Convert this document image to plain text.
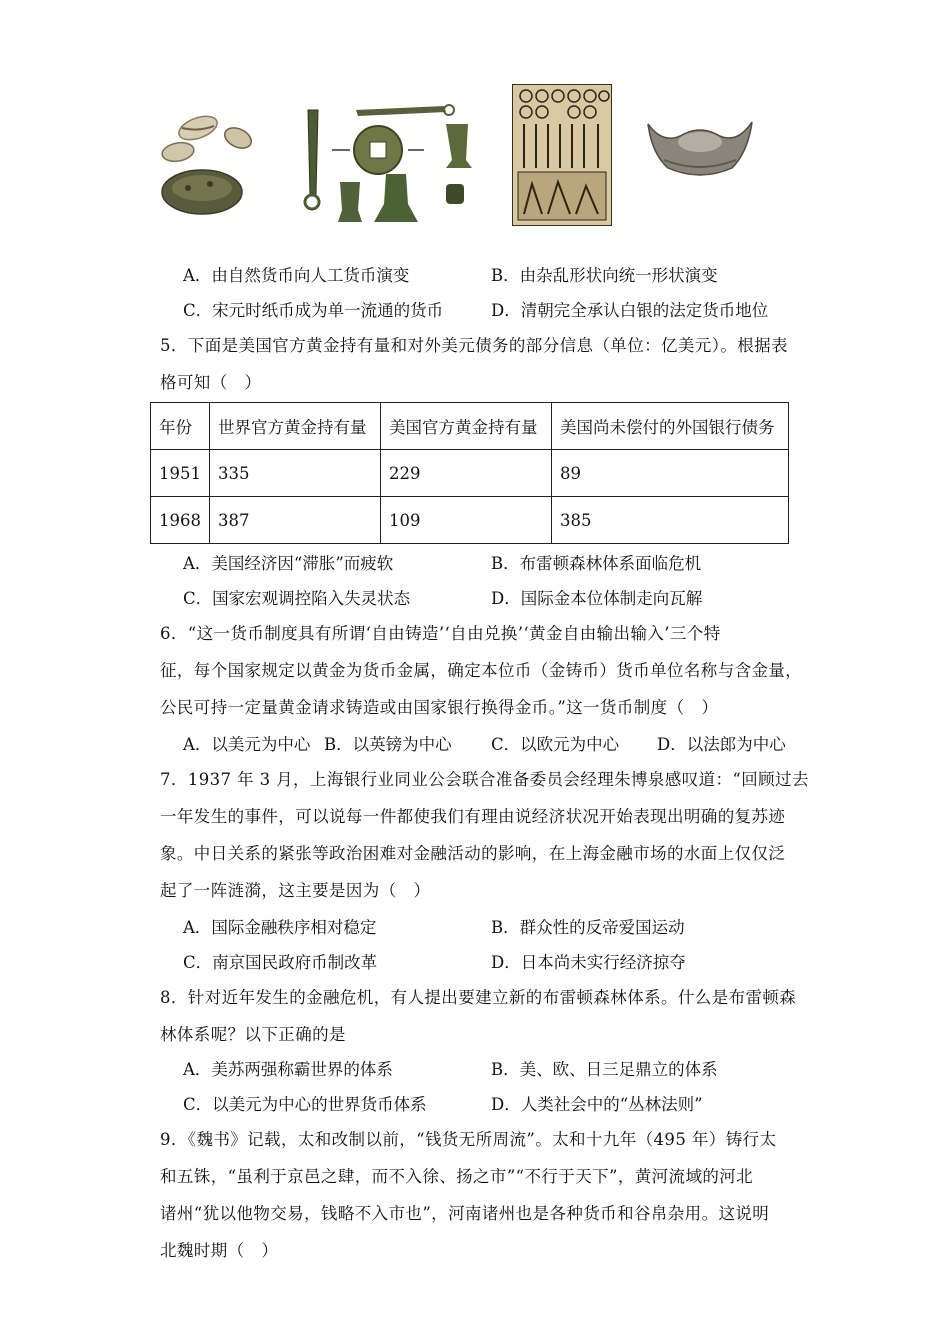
A．由自然货币向人工货币演变	B．由杂乱形状向统一形状演变
C．宋元时纸币成为单一流通的货币	D．清朝完全承认白银的法定货币地位
5．下面是美国官方黄金持有量和对外美元债务的部分信息（单位：亿美元）。根据表
格可知（　）
年份	世界官方黄金持有量	美国官方黄金持有量	美国尚未偿付的外国银行债务
1951	335	229	89
1968	387	109	385
A．美国经济因“滞胀”而疲软	B．布雷顿森林体系面临危机
C．国家宏观调控陷入失灵状态	D．国际金本位体制走向瓦解
6．“这一货币制度具有所谓‘自由铸造’‘自由兑换’‘黄金自由输出输入’三个特
征，每个国家规定以黄金为货币金属，确定本位币（金铸币）货币单位名称与含金量，
公民可持一定量黄金请求铸造或由国家银行换得金币。”这一货币制度（　）
A．以美元为中心 B．以英镑为中心 C．以欧元为中心 D．以法郎为中心
7．1937 年 3 月，上海银行业同业公会联合准备委员会经理朱博泉感叹道：“回顾过去
一年发生的事件，可以说每一件都使我们有理由说经济状况开始表现出明确的复苏迹
象。中日关系的紧张等政治困难对金融活动的影响，在上海金融市场的水面上仅仅泛
起了一阵涟漪，这主要是因为（　）
A．国际金融秩序相对稳定	B．群众性的反帝爱国运动
C．南京国民政府币制改革	D．日本尚未实行经济掠夺
8．针对近年发生的金融危机，有人提出要建立新的布雷顿森林体系。什么是布雷顿森
林体系呢？以下正确的是
A．美苏两强称霸世界的体系	B．美、欧、日三足鼎立的体系
C．以美元为中心的世界货币体系	D．人类社会中的“丛林法则”
9．《魏书》记载，太和改制以前，“钱货无所周流”。太和十九年（495 年）铸行太
和五铢，“虽利于京邑之肆，而不入徐、扬之市”“不行于天下”，黄河流域的河北
诸州“犹以他物交易，钱略不入市也”，河南诸州也是各种货币和谷帛杂用。这说明
北魏时期（　）
